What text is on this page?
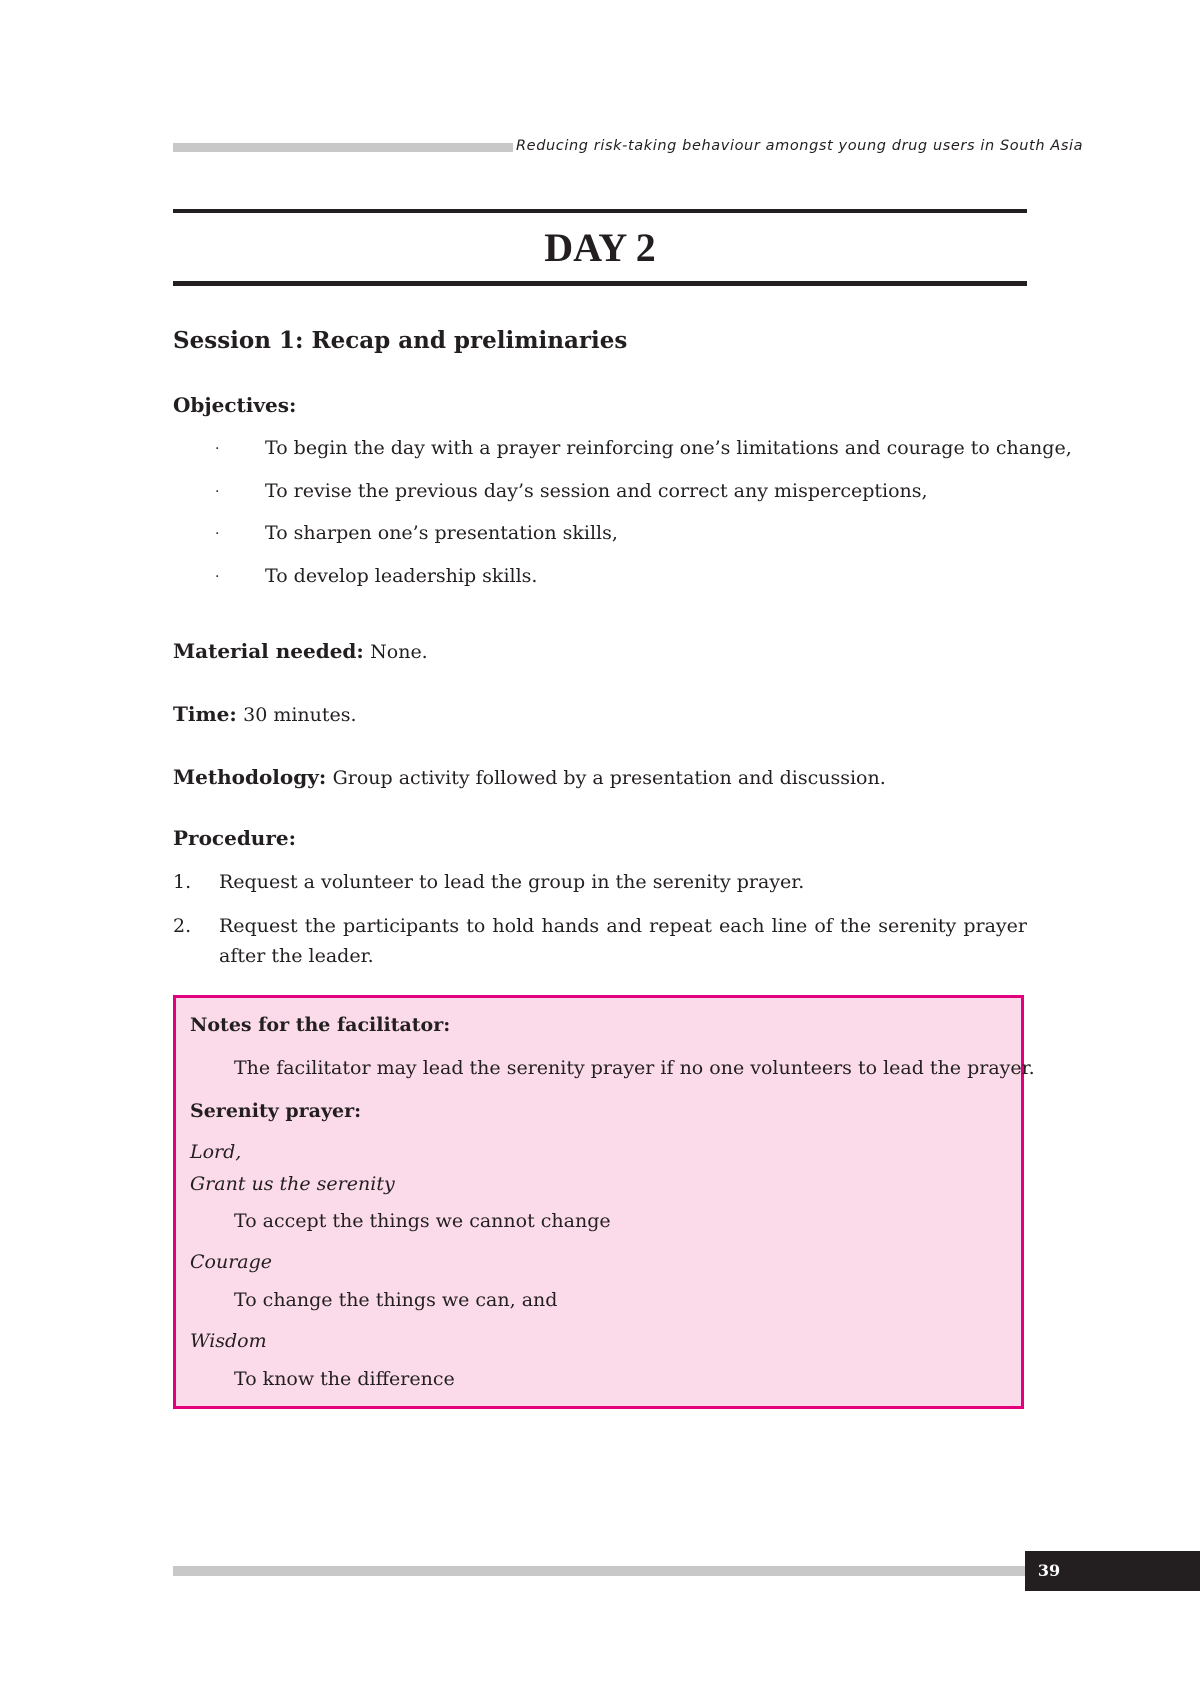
Reducing risk-taking behaviour amongst young drug users in South Asia
DAY 2
Session 1: Recap and preliminaries
Objectives:
· To begin the day with a prayer reinforcing one’s limitations and courage to change,
· To revise the previous day’s session and correct any misperceptions,
· To sharpen one’s presentation skills,
· To develop leadership skills.
Material needed: None.
Time: 30 minutes.
Methodology: Group activity followed by a presentation and discussion.
Procedure:
1. Request a volunteer to lead the group in the serenity prayer.
2. Request the participants to hold hands and repeat each line of the serenity prayer after the leader.
Notes for the facilitator:
The facilitator may lead the serenity prayer if no one volunteers to lead the prayer.
Serenity prayer:
Lord,
Grant us the serenity
To accept the things we cannot change
Courage
To change the things we can, and
Wisdom
To know the difference
39
